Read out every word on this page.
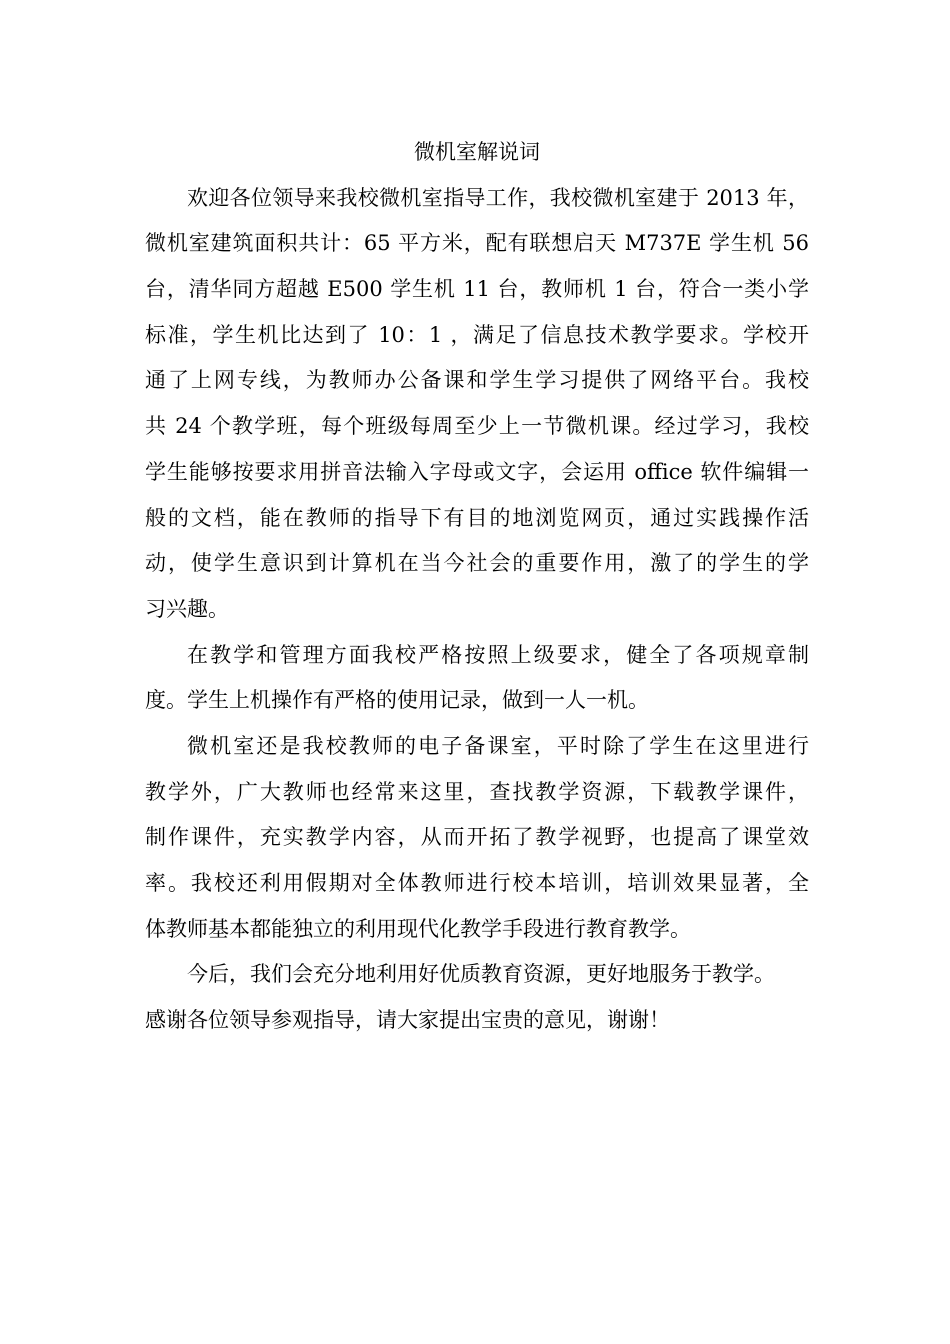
微机室解说词
欢迎各位领导来我校微机室指导工作，我校微机室建于 2013 年，
微机室建筑面积共计：65 平方米，配有联想启天 M737E 学生机 56
台，清华同方超越 E500 学生机 11 台，教师机 1 台，符合一类小学
标准，学生机比达到了 10：1 ，满足了信息技术教学要求。学校开
通了上网专线，为教师办公备课和学生学习提供了网络平台。我校
共 24 个教学班，每个班级每周至少上一节微机课。经过学习，我校
学生能够按要求用拼音法输入字母或文字，会运用 office 软件编辑一
般的文档，能在教师的指导下有目的地浏览网页，通过实践操作活
动，使学生意识到计算机在当今社会的重要作用，激了的学生的学
习兴趣。
在教学和管理方面我校严格按照上级要求，健全了各项规章制
度。学生上机操作有严格的使用记录，做到一人一机。
微机室还是我校教师的电子备课室，平时除了学生在这里进行
教学外，广大教师也经常来这里，查找教学资源，下载教学课件，
制作课件，充实教学内容，从而开拓了教学视野，也提高了课堂效
率。我校还利用假期对全体教师进行校本培训，培训效果显著，全
体教师基本都能独立的利用现代化教学手段进行教育教学。
今后，我们会充分地利用好优质教育资源，更好地服务于教学。
感谢各位领导参观指导，请大家提出宝贵的意见，谢谢！
